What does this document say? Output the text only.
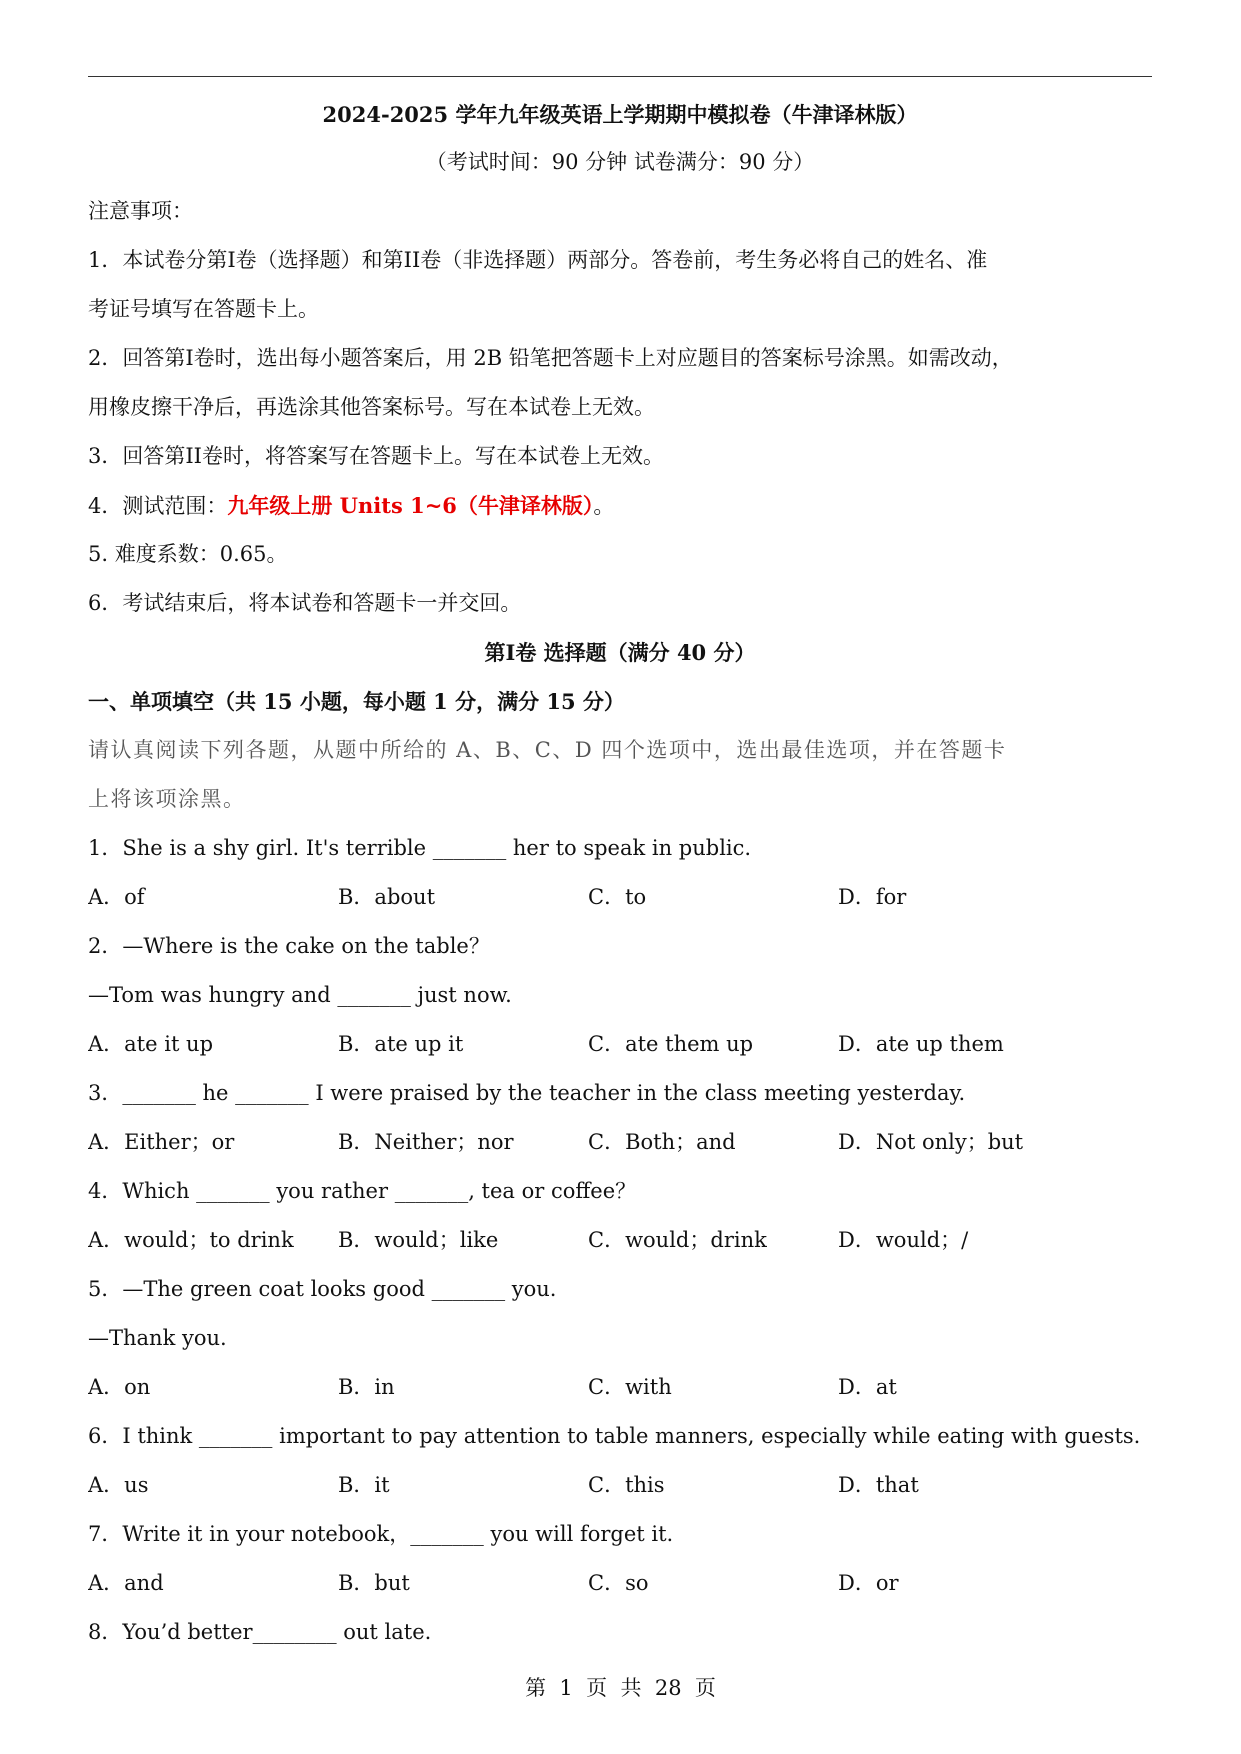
2024-2025 学年九年级英语上学期期中模拟卷（牛津译林版）
（考试时间：90 分钟 试卷满分：90 分）
注意事项：
1．本试卷分第I卷（选择题）和第II卷（非选择题）两部分。答卷前，考生务必将自己的姓名、准
考证号填写在答题卡上。
2．回答第I卷时，选出每小题答案后，用 2B 铅笔把答题卡上对应题目的答案标号涂黑。如需改动，
用橡皮擦干净后，再选涂其他答案标号。写在本试卷上无效。
3．回答第II卷时，将答案写在答题卡上。写在本试卷上无效。
4．测试范围：九年级上册 Units 1~6（牛津译林版）。
5. 难度系数：0.65。
6．考试结束后，将本试卷和答题卡一并交回。
第I卷 选择题（满分 40 分）
一、单项填空（共 15 小题，每小题 1 分，满分 15 分）
请认真阅读下列各题，从题中所给的 A、B、C、D 四个选项中，选出最佳选项，并在答题卡
上将该项涂黑。
1．She is a shy girl. It's terrible _______ her to speak in public.
A．of	B．about	C．to	D．for
2．—Where is the cake on the table？
—Tom was hungry and _______ just now.
A．ate it up	B．ate up it	C．ate them up	D．ate up them
3．_______ he _______ I were praised by the teacher in the class meeting yesterday.
A．Either；or	B．Neither；nor	C．Both；and	D．Not only；but
4．Which _______ you rather _______, tea or coffee？
A．would；to drink	B．would；like	C．would；drink	D．would；/
5．—The green coat looks good _______ you.
—Thank you.
A．on	B．in	C．with	D．at
6．I think _______ important to pay attention to table manners, especially while eating with guests.
A．us	B．it	C．this	D．that
7．Write it in your notebook，_______ you will forget it.
A．and	B．but	C．so	D．or
8．You’d better________ out late.
第  1  页  共  28  页
